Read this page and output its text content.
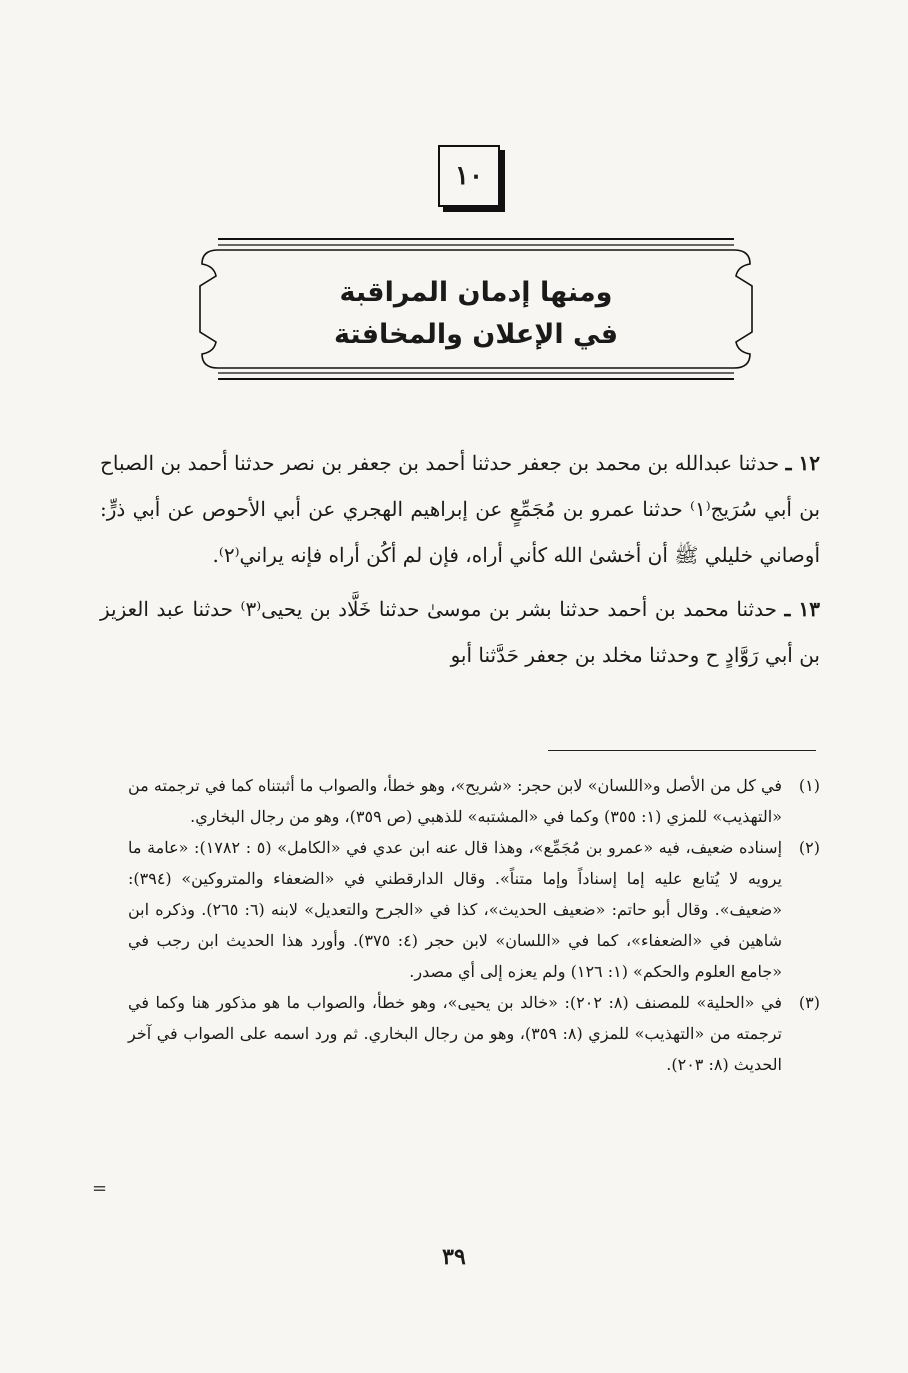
١٠
ومنها إدمان المراقبة
في الإعلان والمخافتة

١٢ ـ حدثنا عبدالله بن محمد بن جعفر حدثنا أحمد بن جعفر بن نصر حدثنا أحمد بن الصباح بن أبي سُرَيج⁽١⁾ حدثنا عمرو بن مُجَمِّعٍ عن إبراهيم الهجري عن أبي الأحوص عن أبي ذرٍّ: أوصاني خليلي ﷺ أن أخشىٰ الله كأني أراه، فإن لم أكُن أراه فإنه يراني⁽٢⁾.

١٣ ـ حدثنا محمد بن أحمد حدثنا بشر بن موسىٰ حدثنا خَلَّاد بن يحيى⁽٣⁾ حدثنا عبد العزيز بن أبي رَوَّادٍ ح وحدثنا مخلد بن جعفر حَدَّثنا أبو

(١)
في كل من الأصل و«اللسان» لابن حجر: «شريح»، وهو خطأ، والصواب ما أثبتناه كما في ترجمته من «التهذيب» للمزي (١: ٣٥٥) وكما في «المشتبه» للذهبي (ص ٣٥٩)، وهو من رجال البخاري.
(٢)
إسناده ضعيف، فيه «عمرو بن مُجَمِّع»، وهذا قال عنه ابن عدي في «الكامل» (٥ : ١٧٨٢): «عامة ما يرويه لا يُتابع عليه إما إسناداً وإما متناً». وقال الدارقطني في «الضعفاء والمتروكين» (٣٩٤): «ضعيف». وقال أبو حاتم: «ضعيف الحديث»، كذا في «الجرح والتعديل» لابنه (٦: ٢٦٥). وذكره ابن شاهين في «الضعفاء»، كما في «اللسان» لابن حجر (٤: ٣٧٥). وأورد هذا الحديث ابن رجب في «جامع العلوم والحكم» (١: ١٢٦) ولم يعزه إلى أي مصدر.
(٣)
في «الحلية» للمصنف (٨: ٢٠٢): «خالد بن يحيى»، وهو خطأ، والصواب ما هو مذكور هنا وكما في ترجمته من «التهذيب» للمزي (٨: ٣٥٩)، وهو من رجال البخاري. ثم ورد اسمه على الصواب في آخر الحديث (٨: ٢٠٣).
=
٣٩
